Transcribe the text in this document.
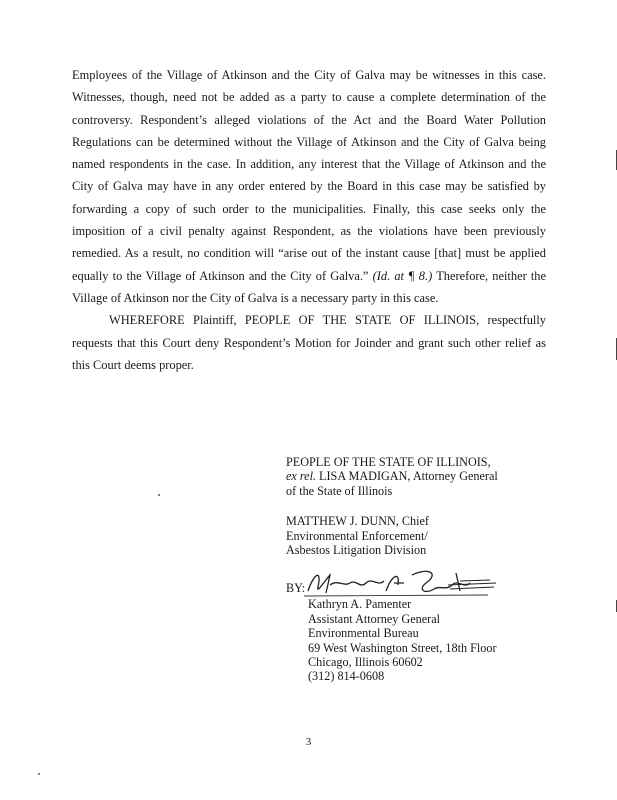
Employees of the Village of Atkinson and the City of Galva may be witnesses in this case. Witnesses, though, need not be added as a party to cause a complete determination of the controversy. Respondent’s alleged violations of the Act and the Board Water Pollution Regulations can be determined without the Village of Atkinson and the City of Galva being named respondents in the case. In addition, any interest that the Village of Atkinson and the City of Galva may have in any order entered by the Board in this case may be satisfied by forwarding a copy of such order to the municipalities. Finally, this case seeks only the imposition of a civil penalty against Respondent, as the violations have been previously remedied. As a result, no condition will “arise out of the instant cause [that] must be applied equally to the Village of Atkinson and the City of Galva.” (Id. at ¶ 8.) Therefore, neither the Village of Atkinson nor the City of Galva is a necessary party in this case.

WHEREFORE Plaintiff, PEOPLE OF THE STATE OF ILLINOIS, respectfully requests that this Court deny Respondent’s Motion for Joinder and grant such other relief as this Court deems proper.

PEOPLE OF THE STATE OF ILLINOIS,
ex rel. LISA MADIGAN, Attorney General
of the State of Illinois
MATTHEW J. DUNN, Chief
Environmental Enforcement/
Asbestos Litigation Division
BY:
Kathryn A. Pamenter
Assistant Attorney General
Environmental Bureau
69 West Washington Street, 18th Floor
Chicago, Illinois 60602
(312) 814-0608
3
